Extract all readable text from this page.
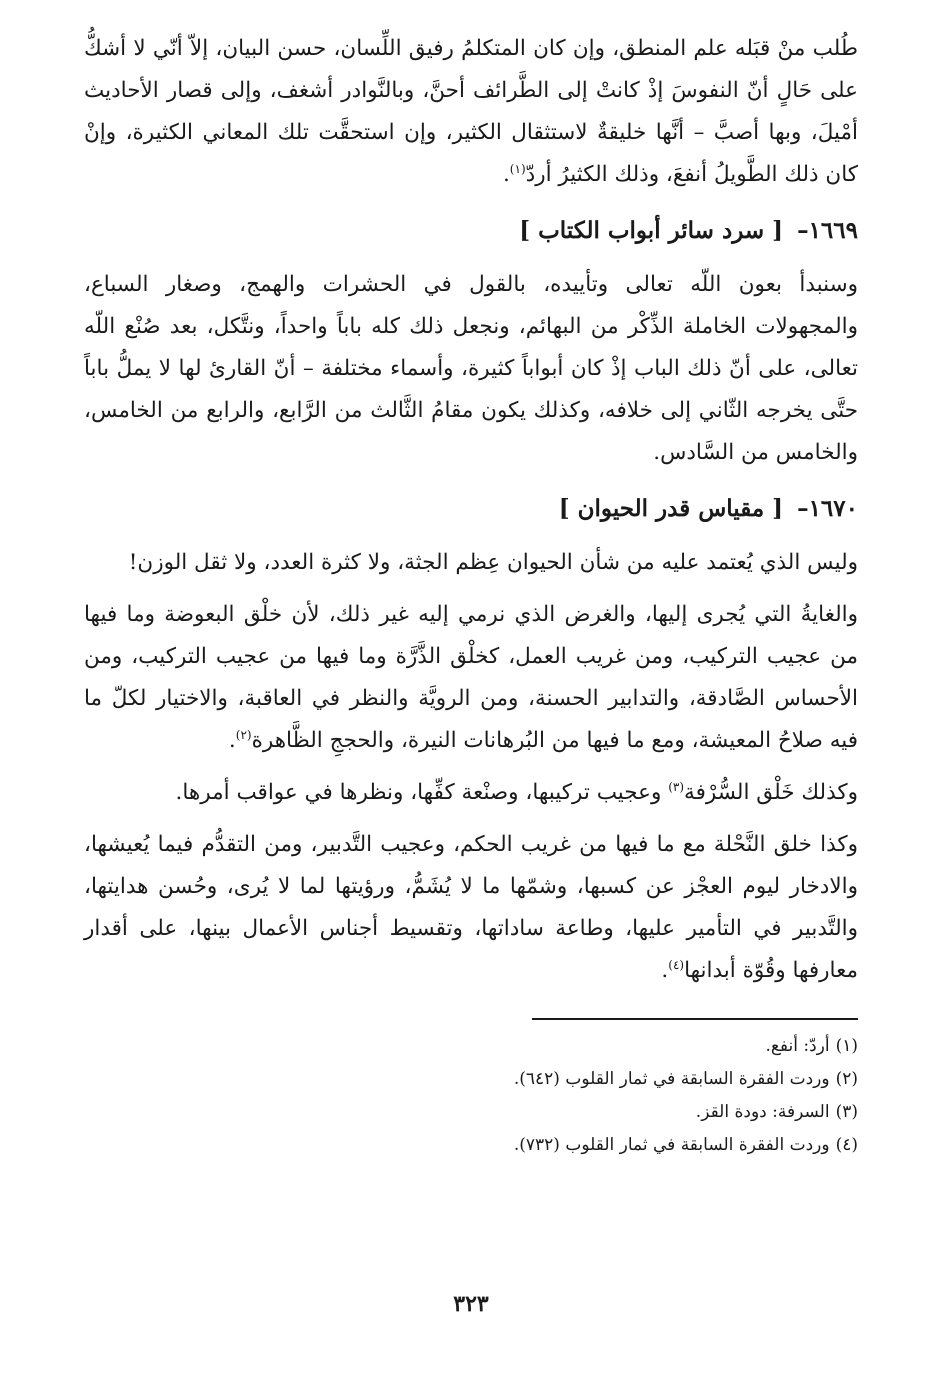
طُلب منْ قبَله علم المنطق، وإن كان المتكلمُ رفيق اللِّسان، حسن البيان، إلاّ أنّي لا أشكُّ على حَالٍ أنّ النفوسَ إذْ كانتْ إلى الطَّرائف أحنَّ، وبالنَّوادر أشغف، وإلى قصار الأحاديث أمْيلَ، وبها أصبَّ – أنَّها خليقةٌ لاستثقال الكثير، وإن استحقَّت تلك المعاني الكثيرة، وإنْ كان ذلك الطَّويلُ أنفعَ، وذلك الكثيرُ أردّ$^{(١)}$.

١٦٦٩– [ سرد سائر أبواب الكتاب ]

وسنبدأ بعون اللّه تعالى وتأييده، بالقول في الحشرات والهمج، وصغار السباع، والمجهولات الخاملة الذِّكْر من البهائم، ونجعل ذلك كله باباً واحداً، ونتَّكل، بعد صُنْع اللّه تعالى، على أنّ ذلك الباب إذْ كان أبواباً كثيرة، وأسماء مختلفة – أنّ القارئ لها لا يملُّ باباً حتَّى يخرجه الثّاني إلى خلافه، وكذلك يكون مقامُ الثَّالث من الرَّابع، والرابع من الخامس، والخامس من السَّادس.

١٦٧٠– [ مقياس قدر الحيوان ]

وليس الذي يُعتمد عليه من شأن الحيوان عِظم الجثة، ولا كثرة العدد، ولا ثقل الوزن!

والغايةُ التي يُجرى إليها، والغرض الذي نرمي إليه غير ذلك، لأن خلْق البعوضة وما فيها من عجيب التركيب، ومن غريب العمل، كخلْق الذَّرَّة وما فيها من عجيب التركيب، ومن الأحساس الصَّادقة، والتدابير الحسنة، ومن الرويَّة والنظر في العاقبة، والاختيار لكلّ ما فيه صلاحُ المعيشة، ومع ما فيها من البُرهانات النيرة، والحججِ الظَّاهرة$^{(٢)}$.

وكذلك خَلْق السُّرْفة$^{(٣)}$ وعجيب تركيبها، وصنْعة كفِّها، ونظرها في عواقب أمرها.

وكذا خلق النَّحْلة مع ما فيها من غريب الحكم، وعجيب التَّدبير، ومن التقدُّم فيما يُعيشها، والادخار ليوم العجْز عن كسبها، وشمّها ما لا يُشَمُّ، ورؤيتها لما لا يُرى، وحُسن هدايتها، والتَّدبير في التأمير عليها، وطاعة ساداتها، وتقسيط أجناس الأعمال بينها، على أقدار معارفها وقُوّة أبدانها$^{(٤)}$.

(١)أردّ: أنفع.

(٢)وردت الفقرة السابقة في ثمار القلوب (٦٤٢).

(٣)السرفة: دودة القز.

(٤)وردت الفقرة السابقة في ثمار القلوب (٧٣٢).

٣٢٣
